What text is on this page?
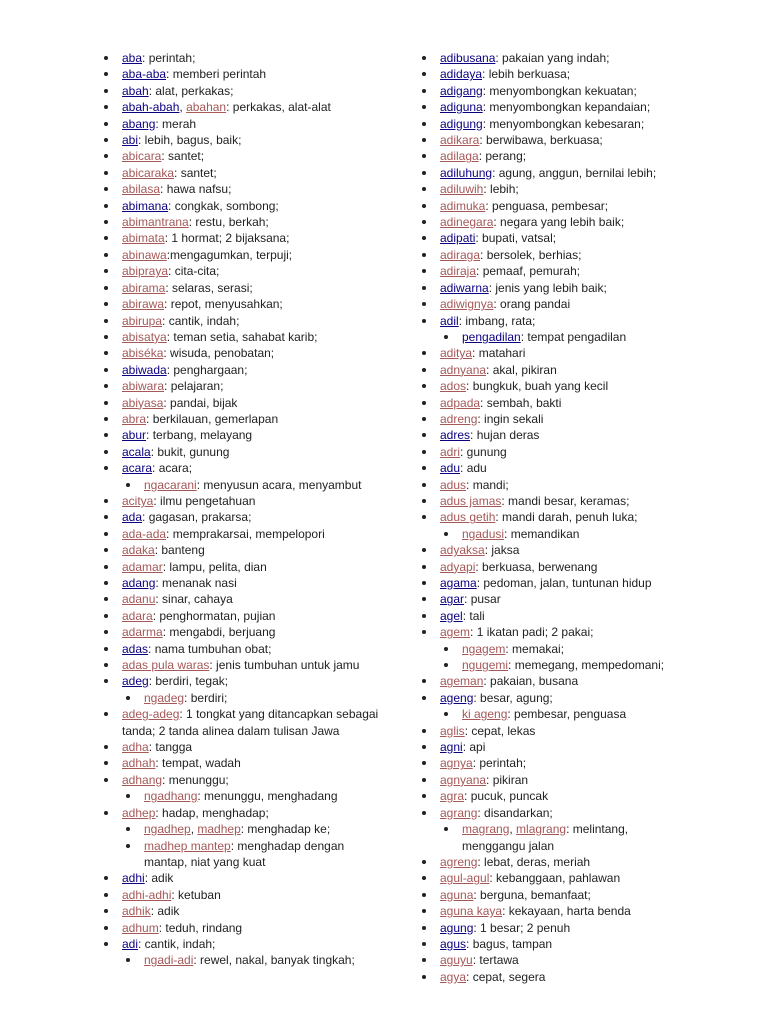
aba: perintah;
aba-aba: memberi perintah
abah: alat, perkakas;
abah-abah, abahan: perkakas, alat-alat
abang: merah
abi: lebih, bagus, baik;
abicara: santet;
abicaraka: santet;
abilasa: hawa nafsu;
abimana: congkak, sombong;
abimantrana: restu, berkah;
abimata: 1 hormat; 2 bijaksana;
abinawa:mengagumkan, terpuji;
abipraya: cita-cita;
abirama: selaras, serasi;
abirawa: repot, menyusahkan;
abirupa: cantik, indah;
abisatya: teman setia, sahabat karib;
abiséka: wisuda, penobatan;
abiwada: penghargaan;
abiwara: pelajaran;
abiyasa: pandai, bijak
abra: berkilauan, gemerlapan
abur: terbang, melayang
acala: bukit, gunung
acara: acara;
ngacarani: menyusun acara, menyambut
acitya: ilmu pengetahuan
ada: gagasan, prakarsa;
ada-ada: memprakarsai, mempelopori
adaka: banteng
adamar: lampu, pelita, dian
adang: menanak nasi
adanu: sinar, cahaya
adara: penghormatan, pujian
adarma: mengabdi, berjuang
adas: nama tumbuhan obat;
adas pula waras: jenis tumbuhan untuk jamu
adeg: berdiri, tegak;
ngadeg: berdiri;
adeg-adeg: 1 tongkat yang ditancapkan sebagai tanda; 2 tanda alinea dalam tulisan Jawa
adha: tangga
adhah: tempat, wadah
adhang: menunggu;
ngadhang: menunggu, menghadang
adhep: hadap, menghadap;
ngadhep, madhep: menghadap ke;
madhep mantep: menghadap dengan mantap, niat yang kuat
adhi: adik
adhi-adhi: ketuban
adhik: adik
adhum: teduh, rindang
adi: cantik, indah;
ngadi-adi: rewel, nakal, banyak tingkah;
adibusana: pakaian yang indah;
adidaya: lebih berkuasa;
adigang: menyombongkan kekuatan;
adiguna: menyombongkan kepandaian;
adigung: menyombongkan kebesaran;
adikara: berwibawa, berkuasa;
adilaga: perang;
adiluhung: agung, anggun, bernilai lebih;
adiluwih: lebih;
adimuka: penguasa, pembesar;
adinegara: negara yang lebih baik;
adipati: bupati, vatsal;
adiraga: bersolek, berhias;
adiraja: pemaaf, pemurah;
adiwarna: jenis yang lebih baik;
adiwignya: orang pandai
adil: imbang, rata;
pengadilan: tempat pengadilan
aditya: matahari
adnyana: akal, pikiran
ados: bungkuk, buah yang kecil
adpada: sembah, bakti
adreng: ingin sekali
adres: hujan deras
adri: gunung
adu: adu
adus: mandi;
adus jamas: mandi besar, keramas;
adus getih: mandi darah, penuh luka;
ngadusi: memandikan
adyaksa: jaksa
adyapi: berkuasa, berwenang
agama: pedoman, jalan, tuntunan hidup
agar: pusar
agel: tali
agem: 1 ikatan padi; 2 pakai;
ngagem: memakai;
ngugemi: memegang, mempedomani;
ageman: pakaian, busana
ageng: besar, agung;
ki ageng: pembesar, penguasa
aglis: cepat, lekas
agni: api
agnya: perintah;
agnyana: pikiran
agra: pucuk, puncak
agrang: disandarkan;
magrang, mlagrang: melintang, menggangu jalan
agreng: lebat, deras, meriah
agul-agul: kebanggaan, pahlawan
aguna: berguna, bemanfaat;
aguna kaya: kekayaan, harta benda
agung: 1 besar; 2 penuh
agus: bagus, tampan
aguyu: tertawa
agya: cepat, segera
